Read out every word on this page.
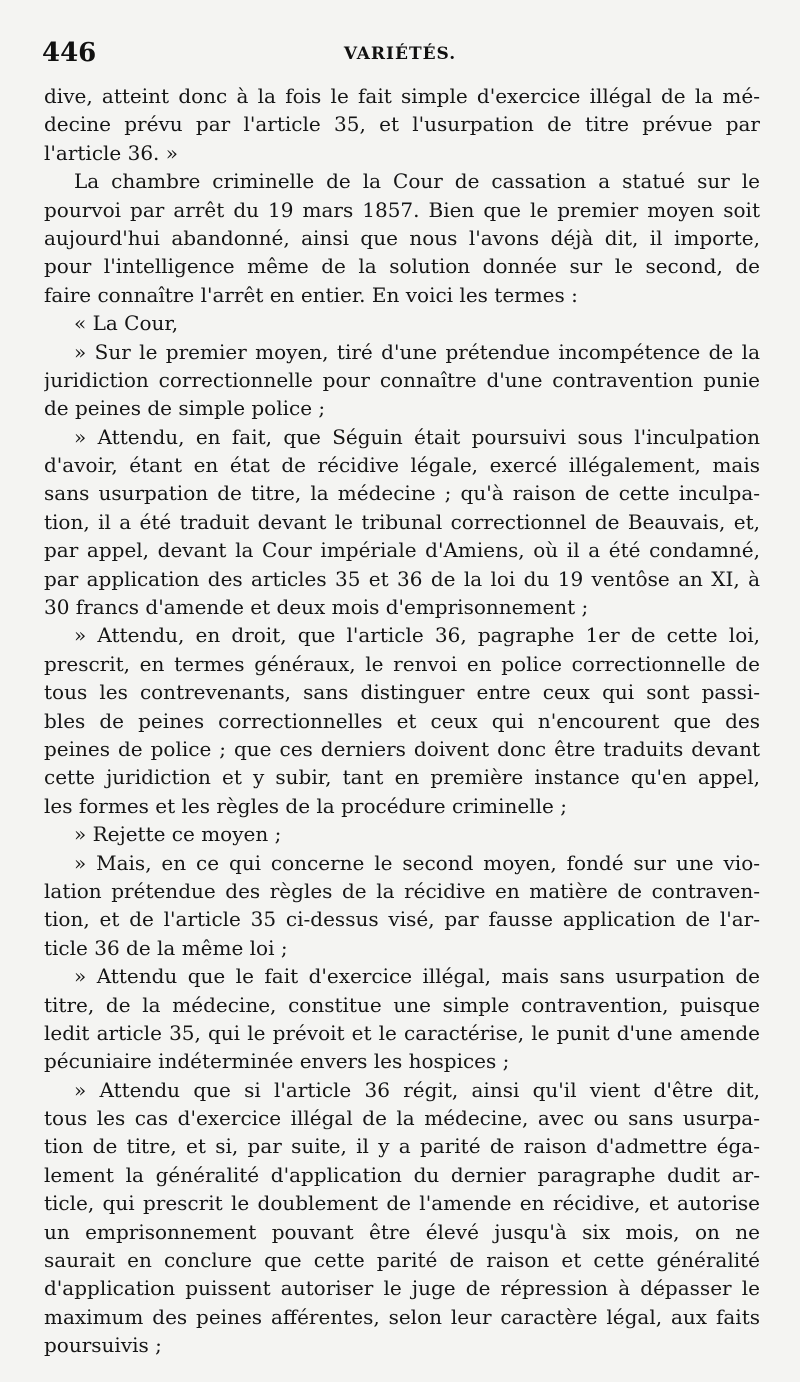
446	VARIÉTÉS.
dive, atteint donc à la fois le fait simple d'exercice illégal de la mé-
decine prévu par l'article 35, et l'usurpation de titre prévue par
l'article 36. »
La chambre criminelle de la Cour de cassation a statué sur le
pourvoi par arrêt du 19 mars 1857. Bien que le premier moyen soit
aujourd'hui abandonné, ainsi que nous l'avons déjà dit, il importe,
pour l'intelligence même de la solution donnée sur le second, de
faire connaître l'arrêt en entier. En voici les termes :
« La Cour,
» Sur le premier moyen, tiré d'une prétendue incompétence de la
juridiction correctionnelle pour connaître d'une contravention punie
de peines de simple police ;
» Attendu, en fait, que Séguin était poursuivi sous l'inculpation
d'avoir, étant en état de récidive légale, exercé illégalement, mais
sans usurpation de titre, la médecine ; qu'à raison de cette inculpa-
tion, il a été traduit devant le tribunal correctionnel de Beauvais, et,
par appel, devant la Cour impériale d'Amiens, où il a été condamné,
par application des articles 35 et 36 de la loi du 19 ventôse an XI, à
30 francs d'amende et deux mois d'emprisonnement ;
» Attendu, en droit, que l'article 36, pagraphe 1er de cette loi,
prescrit, en termes généraux, le renvoi en police correctionnelle de
tous les contrevenants, sans distinguer entre ceux qui sont passi-
bles de peines correctionnelles et ceux qui n'encourent que des
peines de police ; que ces derniers doivent donc être traduits devant
cette juridiction et y subir, tant en première instance qu'en appel,
les formes et les règles de la procédure criminelle ;
» Rejette ce moyen ;
» Mais, en ce qui concerne le second moyen, fondé sur une vio-
lation prétendue des règles de la récidive en matière de contraven-
tion, et de l'article 35 ci-dessus visé, par fausse application de l'ar-
ticle 36 de la même loi ;
» Attendu que le fait d'exercice illégal, mais sans usurpation de
titre, de la médecine, constitue une simple contravention, puisque
ledit article 35, qui le prévoit et le caractérise, le punit d'une amende
pécuniaire indéterminée envers les hospices ;
» Attendu que si l'article 36 régit, ainsi qu'il vient d'être dit,
tous les cas d'exercice illégal de la médecine, avec ou sans usurpa-
tion de titre, et si, par suite, il y a parité de raison d'admettre éga-
lement la généralité d'application du dernier paragraphe dudit ar-
ticle, qui prescrit le doublement de l'amende en récidive, et autorise
un emprisonnement pouvant être élevé jusqu'à six mois, on ne
saurait en conclure que cette parité de raison et cette généralité
d'application puissent autoriser le juge de répression à dépasser le
maximum des peines afférentes, selon leur caractère légal, aux faits
poursuivis ;
